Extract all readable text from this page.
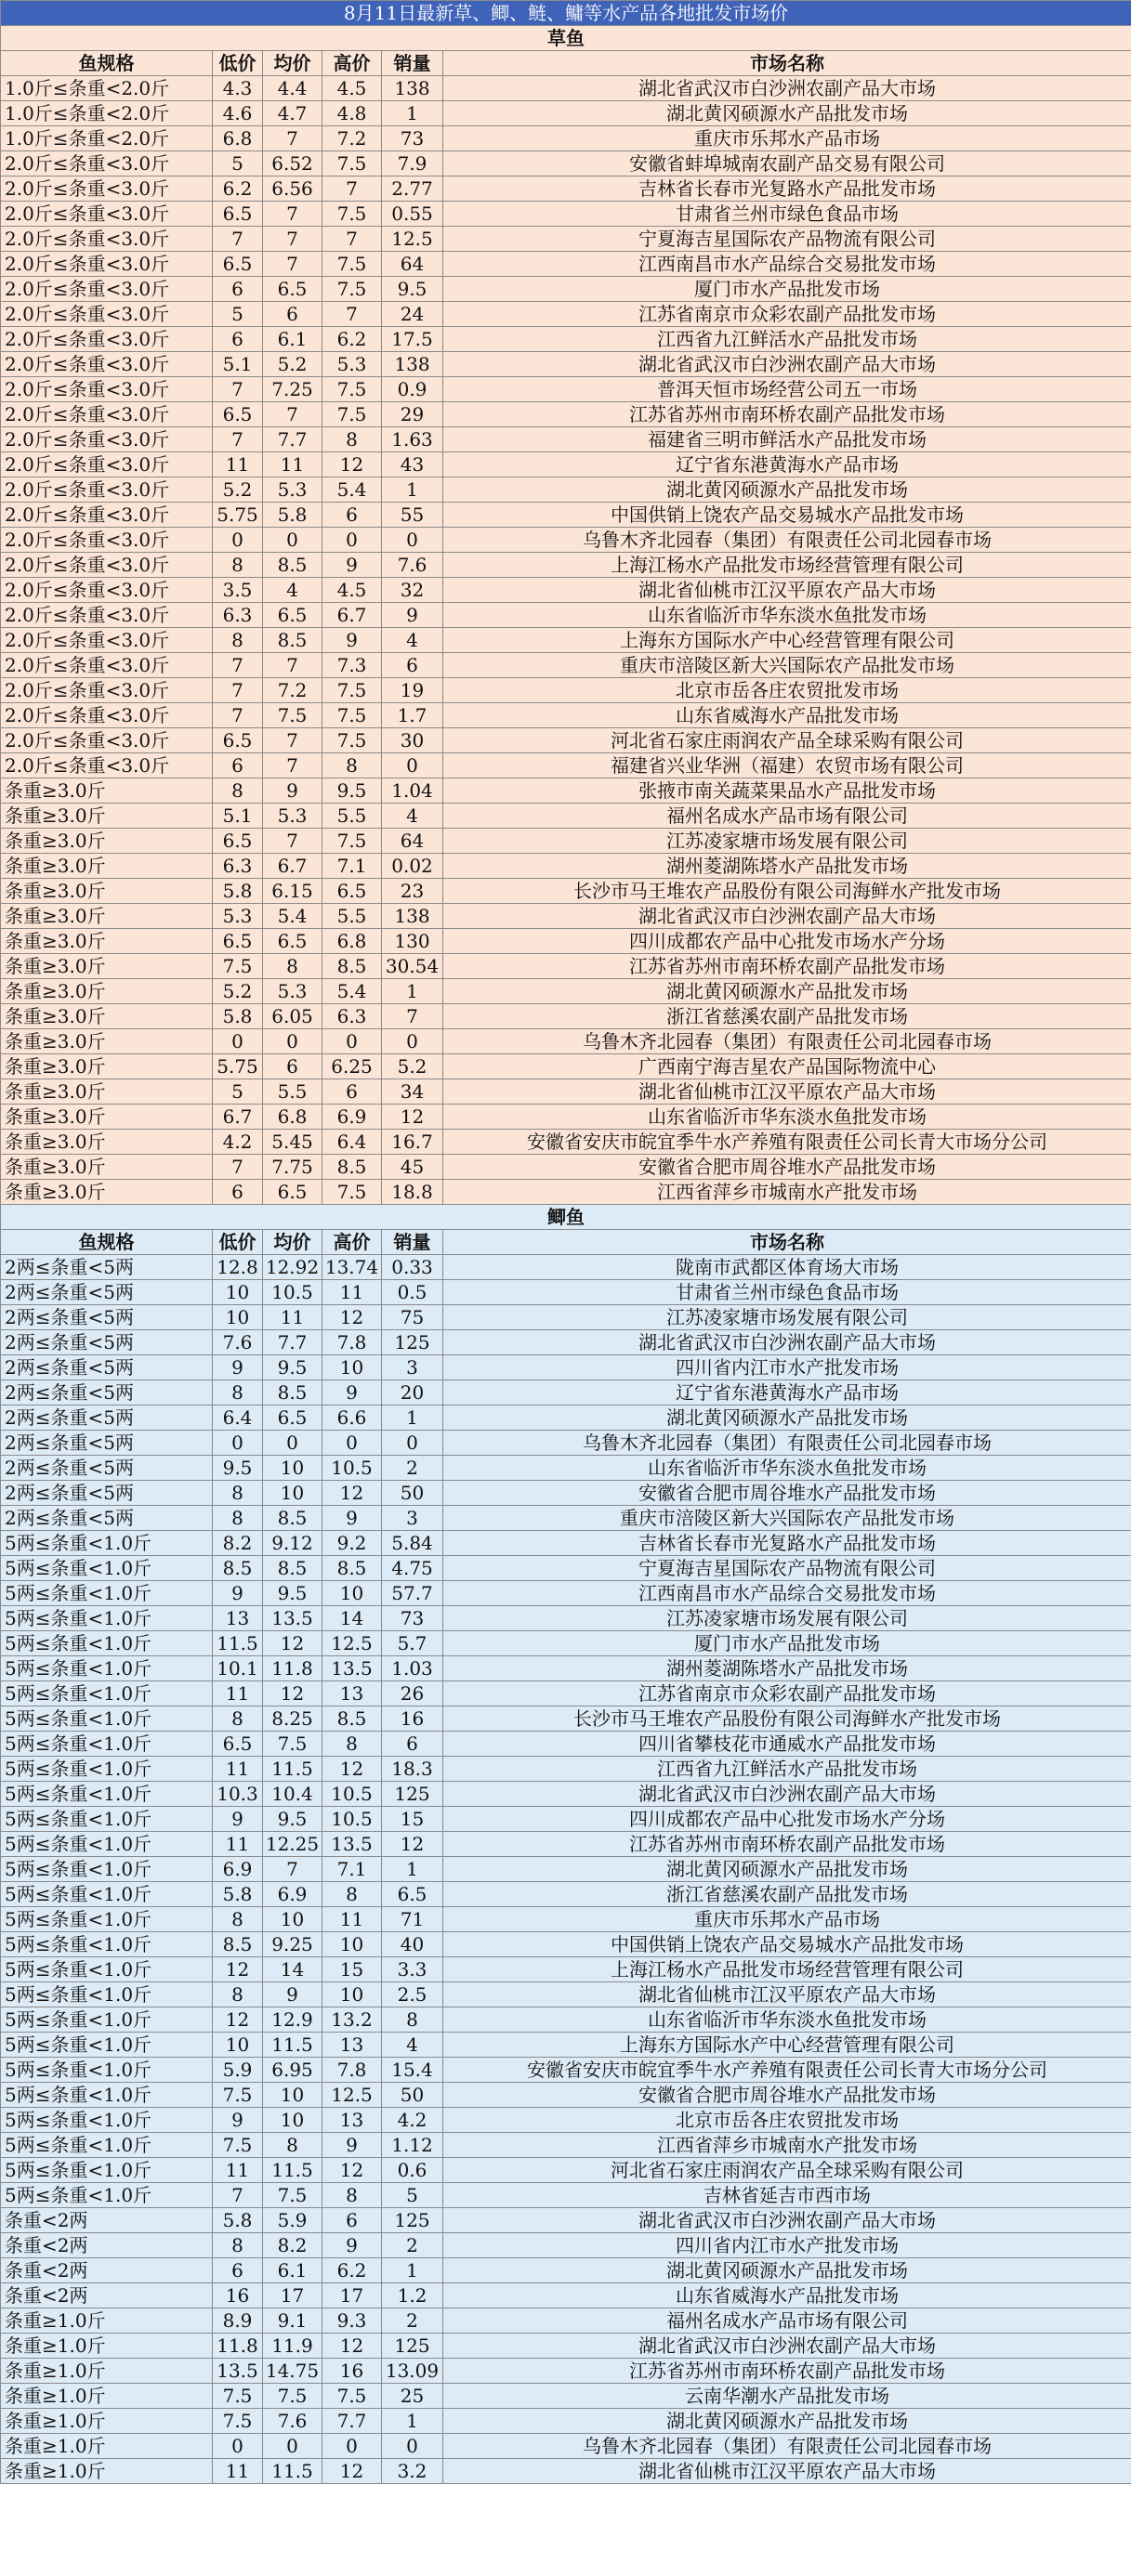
8月11日最新草、鲫、鲢、鳙等水产品各地批发市场价					
草鱼					
鱼规格	低价	均价	高价	销量	市场名称
1.0斤≤条重<2.0斤	4.3	4.4	4.5	138	湖北省武汉市白沙洲农副产品大市场
1.0斤≤条重<2.0斤	4.6	4.7	4.8	1	湖北黄冈硕源水产品批发市场
1.0斤≤条重<2.0斤	6.8	7	7.2	73	重庆市乐邦水产品市场
2.0斤≤条重<3.0斤	5	6.52	7.5	7.9	安徽省蚌埠城南农副产品交易有限公司
2.0斤≤条重<3.0斤	6.2	6.56	7	2.77	吉林省长春市光复路水产品批发市场
2.0斤≤条重<3.0斤	6.5	7	7.5	0.55	甘肃省兰州市绿色食品市场
2.0斤≤条重<3.0斤	7	7	7	12.5	宁夏海吉星国际农产品物流有限公司
2.0斤≤条重<3.0斤	6.5	7	7.5	64	江西南昌市水产品综合交易批发市场
2.0斤≤条重<3.0斤	6	6.5	7.5	9.5	厦门市水产品批发市场
2.0斤≤条重<3.0斤	5	6	7	24	江苏省南京市众彩农副产品批发市场
2.0斤≤条重<3.0斤	6	6.1	6.2	17.5	江西省九江鲜活水产品批发市场
2.0斤≤条重<3.0斤	5.1	5.2	5.3	138	湖北省武汉市白沙洲农副产品大市场
2.0斤≤条重<3.0斤	7	7.25	7.5	0.9	普洱天恒市场经营公司五一市场
2.0斤≤条重<3.0斤	6.5	7	7.5	29	江苏省苏州市南环桥农副产品批发市场
2.0斤≤条重<3.0斤	7	7.7	8	1.63	福建省三明市鲜活水产品批发市场
2.0斤≤条重<3.0斤	11	11	12	43	辽宁省东港黄海水产品市场
2.0斤≤条重<3.0斤	5.2	5.3	5.4	1	湖北黄冈硕源水产品批发市场
2.0斤≤条重<3.0斤	5.75	5.8	6	55	中国供销上饶农产品交易城水产品批发市场
2.0斤≤条重<3.0斤	0	0	0	0	乌鲁木齐北园春（集团）有限责任公司北园春市场
2.0斤≤条重<3.0斤	8	8.5	9	7.6	上海江杨水产品批发市场经营管理有限公司
2.0斤≤条重<3.0斤	3.5	4	4.5	32	湖北省仙桃市江汉平原农产品大市场
2.0斤≤条重<3.0斤	6.3	6.5	6.7	9	山东省临沂市华东淡水鱼批发市场
2.0斤≤条重<3.0斤	8	8.5	9	4	上海东方国际水产中心经营管理有限公司
2.0斤≤条重<3.0斤	7	7	7.3	6	重庆市涪陵区新大兴国际农产品批发市场
2.0斤≤条重<3.0斤	7	7.2	7.5	19	北京市岳各庄农贸批发市场
2.0斤≤条重<3.0斤	7	7.5	7.5	1.7	山东省威海水产品批发市场
2.0斤≤条重<3.0斤	6.5	7	7.5	30	河北省石家庄雨润农产品全球采购有限公司
2.0斤≤条重<3.0斤	6	7	8	0	福建省兴业华洲（福建）农贸市场有限公司
条重≥3.0斤	8	9	9.5	1.04	张掖市南关蔬菜果品水产品批发市场
条重≥3.0斤	5.1	5.3	5.5	4	福州名成水产品市场有限公司
条重≥3.0斤	6.5	7	7.5	64	江苏凌家塘市场发展有限公司
条重≥3.0斤	6.3	6.7	7.1	0.02	湖州菱湖陈塔水产品批发市场
条重≥3.0斤	5.8	6.15	6.5	23	长沙市马王堆农产品股份有限公司海鲜水产批发市场
条重≥3.0斤	5.3	5.4	5.5	138	湖北省武汉市白沙洲农副产品大市场
条重≥3.0斤	6.5	6.5	6.8	130	四川成都农产品中心批发市场水产分场
条重≥3.0斤	7.5	8	8.5	30.54	江苏省苏州市南环桥农副产品批发市场
条重≥3.0斤	5.2	5.3	5.4	1	湖北黄冈硕源水产品批发市场
条重≥3.0斤	5.8	6.05	6.3	7	浙江省慈溪农副产品批发市场
条重≥3.0斤	0	0	0	0	乌鲁木齐北园春（集团）有限责任公司北园春市场
条重≥3.0斤	5.75	6	6.25	5.2	广西南宁海吉星农产品国际物流中心
条重≥3.0斤	5	5.5	6	34	湖北省仙桃市江汉平原农产品大市场
条重≥3.0斤	6.7	6.8	6.9	12	山东省临沂市华东淡水鱼批发市场
条重≥3.0斤	4.2	5.45	6.4	16.7	安徽省安庆市皖宜季牛水产养殖有限责任公司长青大市场分公司
条重≥3.0斤	7	7.75	8.5	45	安徽省合肥市周谷堆水产品批发市场
条重≥3.0斤	6	6.5	7.5	18.8	江西省萍乡市城南水产批发市场
鲫鱼					
鱼规格	低价	均价	高价	销量	市场名称
2两≤条重<5两	12.8	12.92	13.74	0.33	陇南市武都区体育场大市场
2两≤条重<5两	10	10.5	11	0.5	甘肃省兰州市绿色食品市场
2两≤条重<5两	10	11	12	75	江苏凌家塘市场发展有限公司
2两≤条重<5两	7.6	7.7	7.8	125	湖北省武汉市白沙洲农副产品大市场
2两≤条重<5两	9	9.5	10	3	四川省内江市水产批发市场
2两≤条重<5两	8	8.5	9	20	辽宁省东港黄海水产品市场
2两≤条重<5两	6.4	6.5	6.6	1	湖北黄冈硕源水产品批发市场
2两≤条重<5两	0	0	0	0	乌鲁木齐北园春（集团）有限责任公司北园春市场
2两≤条重<5两	9.5	10	10.5	2	山东省临沂市华东淡水鱼批发市场
2两≤条重<5两	8	10	12	50	安徽省合肥市周谷堆水产品批发市场
2两≤条重<5两	8	8.5	9	3	重庆市涪陵区新大兴国际农产品批发市场
5两≤条重<1.0斤	8.2	9.12	9.2	5.84	吉林省长春市光复路水产品批发市场
5两≤条重<1.0斤	8.5	8.5	8.5	4.75	宁夏海吉星国际农产品物流有限公司
5两≤条重<1.0斤	9	9.5	10	57.7	江西南昌市水产品综合交易批发市场
5两≤条重<1.0斤	13	13.5	14	73	江苏凌家塘市场发展有限公司
5两≤条重<1.0斤	11.5	12	12.5	5.7	厦门市水产品批发市场
5两≤条重<1.0斤	10.1	11.8	13.5	1.03	湖州菱湖陈塔水产品批发市场
5两≤条重<1.0斤	11	12	13	26	江苏省南京市众彩农副产品批发市场
5两≤条重<1.0斤	8	8.25	8.5	16	长沙市马王堆农产品股份有限公司海鲜水产批发市场
5两≤条重<1.0斤	6.5	7.5	8	6	四川省攀枝花市通威水产品批发市场
5两≤条重<1.0斤	11	11.5	12	18.3	江西省九江鲜活水产品批发市场
5两≤条重<1.0斤	10.3	10.4	10.5	125	湖北省武汉市白沙洲农副产品大市场
5两≤条重<1.0斤	9	9.5	10.5	15	四川成都农产品中心批发市场水产分场
5两≤条重<1.0斤	11	12.25	13.5	12	江苏省苏州市南环桥农副产品批发市场
5两≤条重<1.0斤	6.9	7	7.1	1	湖北黄冈硕源水产品批发市场
5两≤条重<1.0斤	5.8	6.9	8	6.5	浙江省慈溪农副产品批发市场
5两≤条重<1.0斤	8	10	11	71	重庆市乐邦水产品市场
5两≤条重<1.0斤	8.5	9.25	10	40	中国供销上饶农产品交易城水产品批发市场
5两≤条重<1.0斤	12	14	15	3.3	上海江杨水产品批发市场经营管理有限公司
5两≤条重<1.0斤	8	9	10	2.5	湖北省仙桃市江汉平原农产品大市场
5两≤条重<1.0斤	12	12.9	13.2	8	山东省临沂市华东淡水鱼批发市场
5两≤条重<1.0斤	10	11.5	13	4	上海东方国际水产中心经营管理有限公司
5两≤条重<1.0斤	5.9	6.95	7.8	15.4	安徽省安庆市皖宜季牛水产养殖有限责任公司长青大市场分公司
5两≤条重<1.0斤	7.5	10	12.5	50	安徽省合肥市周谷堆水产品批发市场
5两≤条重<1.0斤	9	10	13	4.2	北京市岳各庄农贸批发市场
5两≤条重<1.0斤	7.5	8	9	1.12	江西省萍乡市城南水产批发市场
5两≤条重<1.0斤	11	11.5	12	0.6	河北省石家庄雨润农产品全球采购有限公司
5两≤条重<1.0斤	7	7.5	8	5	吉林省延吉市西市场
条重<2两	5.8	5.9	6	125	湖北省武汉市白沙洲农副产品大市场
条重<2两	8	8.2	9	2	四川省内江市水产批发市场
条重<2两	6	6.1	6.2	1	湖北黄冈硕源水产品批发市场
条重<2两	16	17	17	1.2	山东省威海水产品批发市场
条重≥1.0斤	8.9	9.1	9.3	2	福州名成水产品市场有限公司
条重≥1.0斤	11.8	11.9	12	125	湖北省武汉市白沙洲农副产品大市场
条重≥1.0斤	13.5	14.75	16	13.09	江苏省苏州市南环桥农副产品批发市场
条重≥1.0斤	7.5	7.5	7.5	25	云南华潮水产品批发市场
条重≥1.0斤	7.5	7.6	7.7	1	湖北黄冈硕源水产品批发市场
条重≥1.0斤	0	0	0	0	乌鲁木齐北园春（集团）有限责任公司北园春市场
条重≥1.0斤	11	11.5	12	3.2	湖北省仙桃市江汉平原农产品大市场
